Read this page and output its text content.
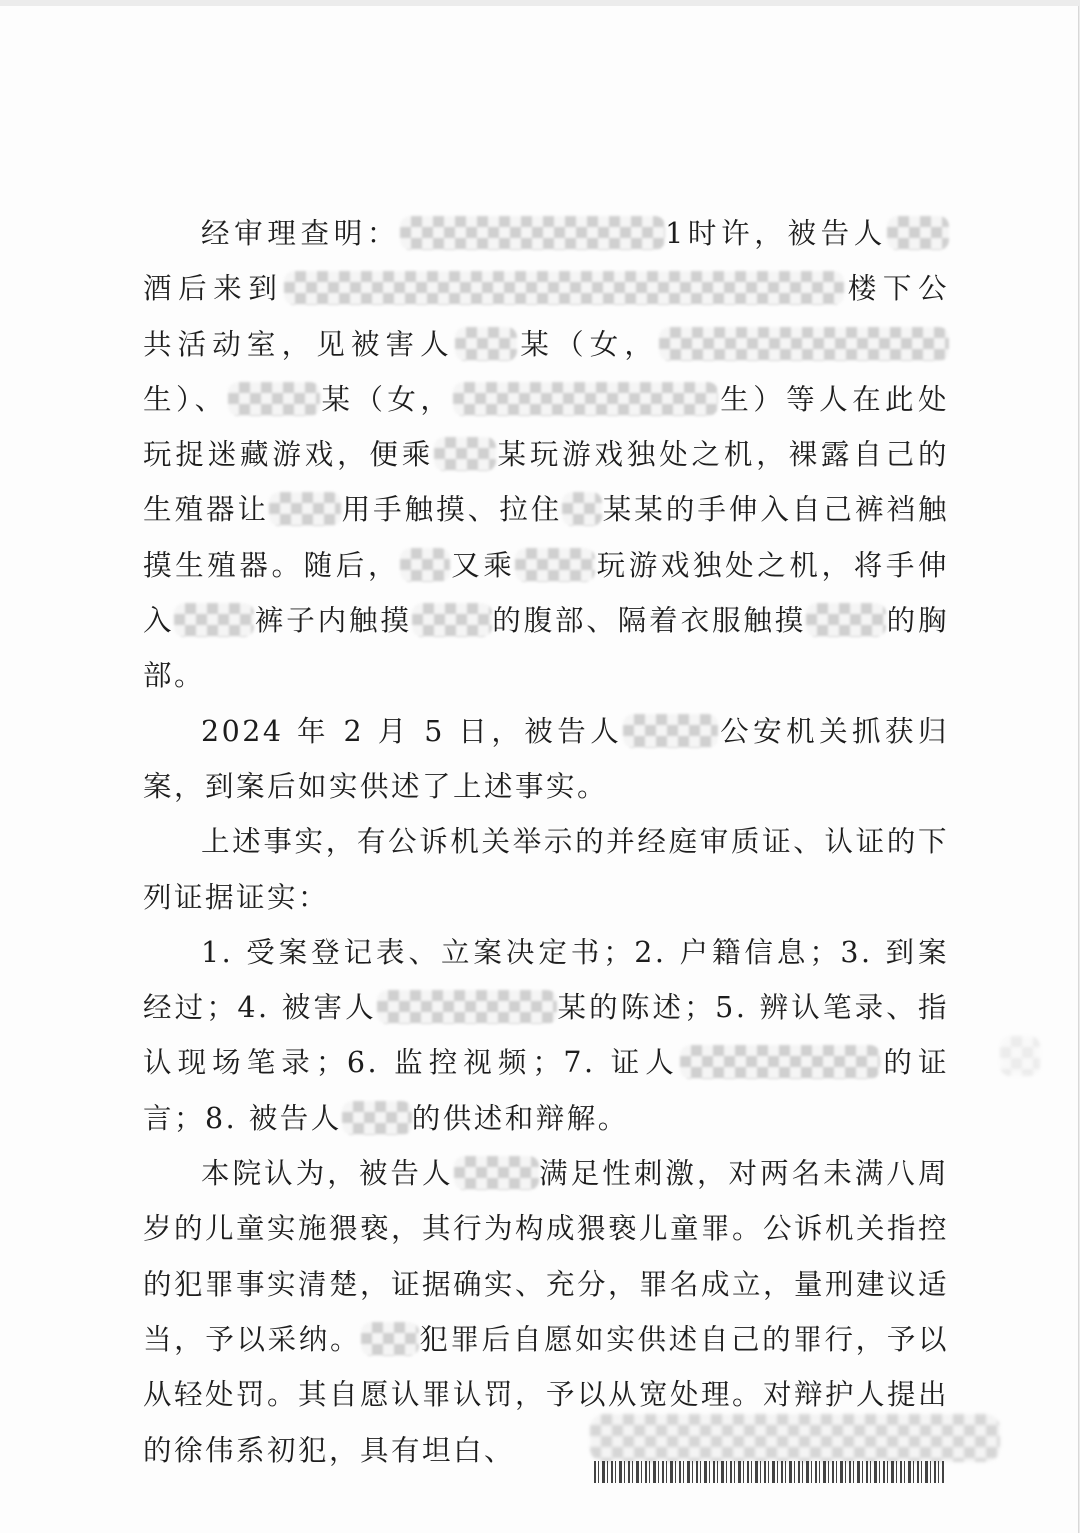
经审理查明：	1时许，被告人酒后来到	楼下公共活动室，见被害人 某（女，生）、	某（女，	生）等人在此处玩捉迷藏游戏，便乘 某玩游戏独处之机，裸露自己的生殖器让	用手触摸、拉住 某某的手伸入自己裤裆触摸生殖器。随后， 又乘	玩游戏独处之机，将手伸入	裤子内触摸	的腹部、隔着衣服触摸	的胸部。

2024 年 2 月 5 日，被告人	公安机关抓获归案，到案后如实供述了上述事实。

上述事实，有公诉机关举示的并经庭审质证、认证的下列证据证实：

1. 受案登记表、立案决定书；2. 户籍信息；3. 到案经过；4. 被害人	某的陈述；5. 辨认笔录、指认现场笔录；6. 监控视频；7. 证人	的证言；8. 被告人 的供述和辩解。

本院认为，被告人	满足性刺激，对两名未满八周岁的儿童实施猥亵，其行为构成猥亵儿童罪。公诉机关指控的犯罪事实清楚，证据确实、充分，罪名成立，量刑建议适当，予以采纳。 犯罪后自愿如实供述自己的罪行，予以从轻处罚。其自愿认罪认罚，予以从宽处理。对辩护人提出的徐伟系初犯，具有坦白、
